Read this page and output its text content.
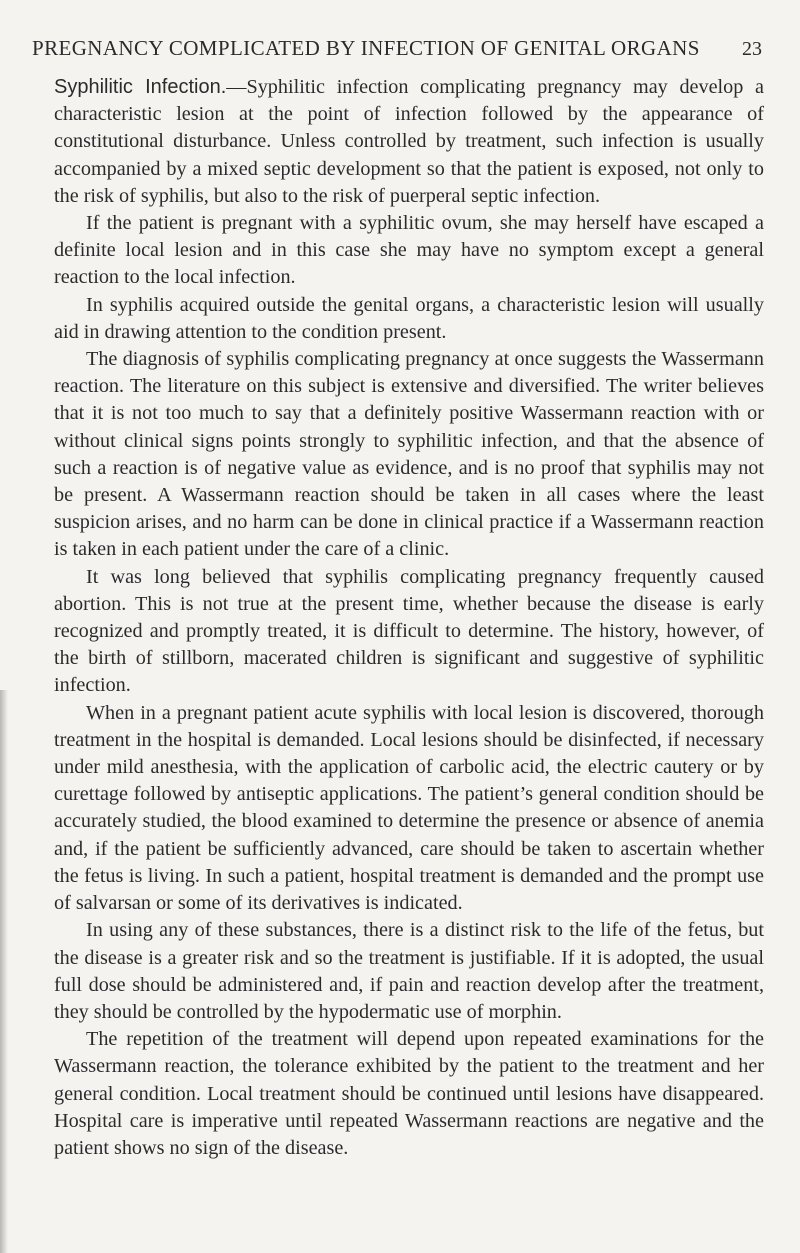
PREGNANCY COMPLICATED BY INFECTION OF GENITAL ORGANS 23

Syphilitic Infection.—Syphilitic infection complicating pregnancy may develop a characteristic lesion at the point of infection followed by the appearance of constitutional disturbance. Unless controlled by treatment, such infection is usually accompanied by a mixed septic development so that the patient is exposed, not only to the risk of syphilis, but also to the risk of puerperal septic infection.

If the patient is pregnant with a syphilitic ovum, she may herself have escaped a definite local lesion and in this case she may have no symptom except a general reaction to the local infection.

In syphilis acquired outside the genital organs, a characteristic lesion will usually aid in drawing attention to the condition present.

The diagnosis of syphilis complicating pregnancy at once suggests the Wassermann reaction. The literature on this subject is extensive and diversified. The writer believes that it is not too much to say that a definitely positive Wassermann reaction with or without clinical signs points strongly to syphilitic infection, and that the absence of such a reaction is of negative value as evidence, and is no proof that syphilis may not be present. A Wassermann reaction should be taken in all cases where the least suspicion arises, and no harm can be done in clinical practice if a Wassermann reaction is taken in each patient under the care of a clinic.

It was long believed that syphilis complicating pregnancy frequently caused abortion. This is not true at the present time, whether because the disease is early recognized and promptly treated, it is difficult to determine. The history, however, of the birth of stillborn, macerated children is significant and suggestive of syphilitic infection.

When in a pregnant patient acute syphilis with local lesion is discovered, thorough treatment in the hospital is demanded. Local lesions should be disinfected, if necessary under mild anesthesia, with the application of carbolic acid, the electric cautery or by curettage followed by antiseptic applications. The patient’s general condition should be accurately studied, the blood examined to determine the presence or absence of anemia and, if the patient be sufficiently advanced, care should be taken to ascertain whether the fetus is living. In such a patient, hospital treatment is demanded and the prompt use of salvarsan or some of its derivatives is indicated.

In using any of these substances, there is a distinct risk to the life of the fetus, but the disease is a greater risk and so the treatment is justifiable. If it is adopted, the usual full dose should be administered and, if pain and reaction develop after the treatment, they should be controlled by the hypodermatic use of morphin.

The repetition of the treatment will depend upon repeated examinations for the Wassermann reaction, the tolerance exhibited by the patient to the treatment and her general condition. Local treatment should be continued until lesions have disappeared. Hospital care is imperative until repeated Wassermann reactions are negative and the patient shows no sign of the disease.
